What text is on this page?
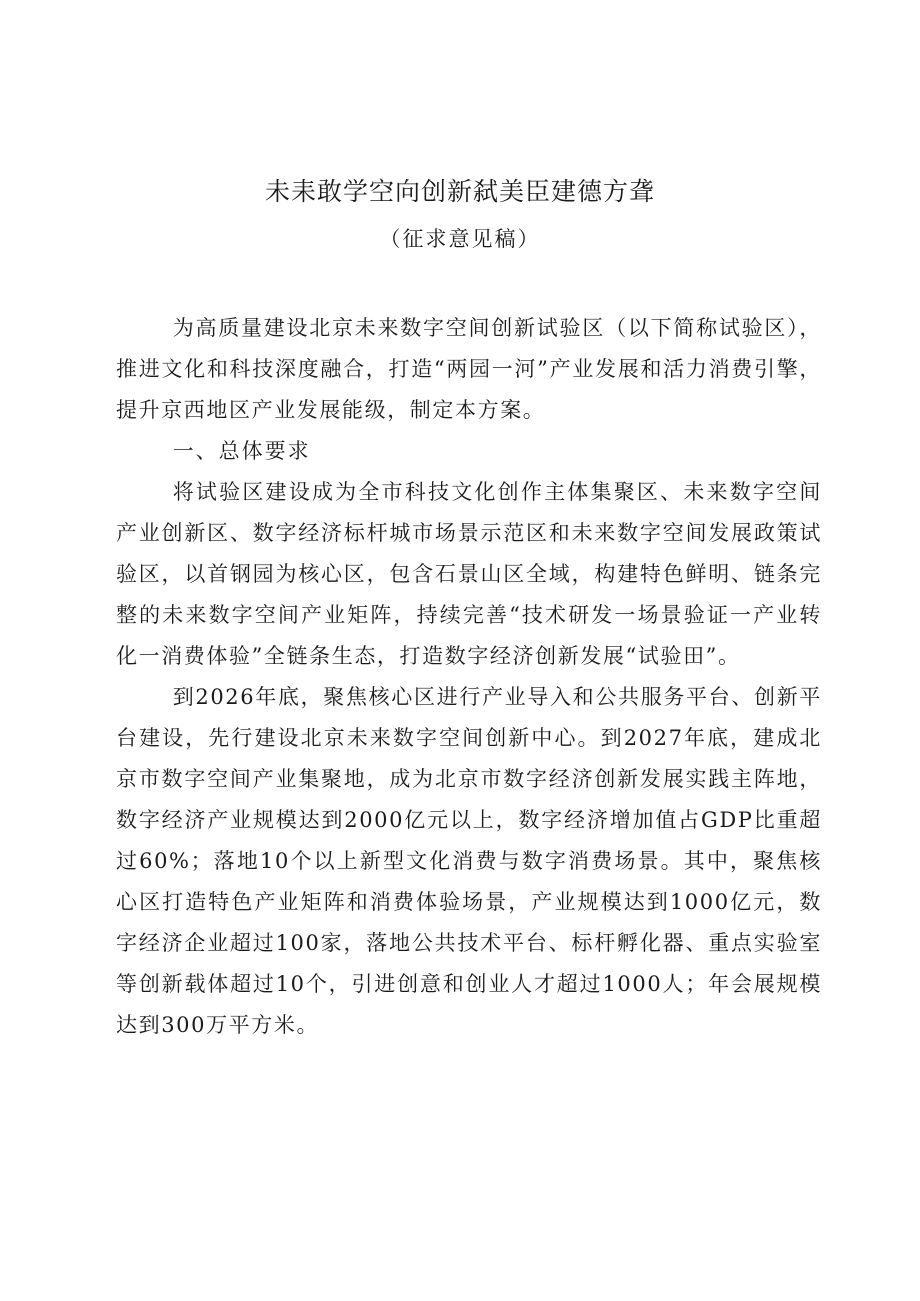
未耒敢学空向创新弑美臣建德方聋
（征求意见稿）

为高质量建设北京未来数字空间创新试验区（以下简称试验区），推进文化和科技深度融合，打造“两园一河”产业发展和活力消费引擎，提升京西地区产业发展能级，制定本方案。

一、总体要求

将试验区建设成为全市科技文化创作主体集聚区、未来数字空间产业创新区、数字经济标杆城市场景示范区和未来数字空间发展政策试验区，以首钢园为核心区，包含石景山区全域，构建特色鲜明、链条完整的未来数字空间产业矩阵，持续完善“技术研发一场景验证一产业转化一消费体验”全链条生态，打造数字经济创新发展“试验田”。

到2026年底，聚焦核心区进行产业导入和公共服务平台、创新平台建设，先行建设北京未来数字空间创新中心。到2027年底，建成北京市数字空间产业集聚地，成为北京市数字经济创新发展实践主阵地，数字经济产业规模达到2000亿元以上，数字经济增加值占GDP比重超过60%；落地10个以上新型文化消费与数字消费场景。其中，聚焦核心区打造特色产业矩阵和消费体验场景，产业规模达到1000亿元，数字经济企业超过100家，落地公共技术平台、标杆孵化器、重点实验室等创新载体超过10个，引进创意和创业人才超过1000人；年会展规模达到300万平方米。
